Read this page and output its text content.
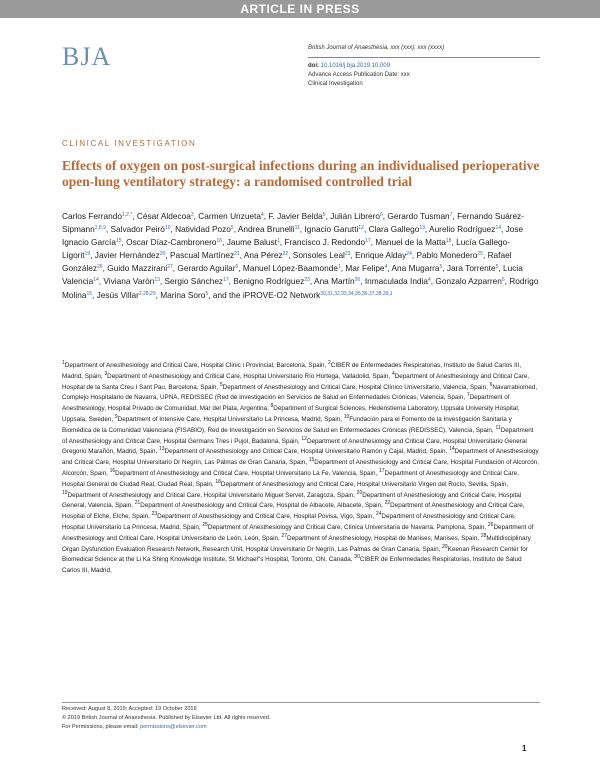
ARTICLE IN PRESS
BJA	British Journal of Anaesthesia, xxx (xxx): xxx (xxxx)
doi: 10.1016/j.bja.2019.10.009
Advance Access Publication Date: xxx
Clinical Investigation
CLINICAL INVESTIGATION
Effects of oxygen on post-surgical infections during an individualised perioperative open-lung ventilatory strategy: a randomised controlled trial
Carlos Ferrando$^{1,2,*}$, César Aldecoa$^3$, Carmen Unzueta$^4$, F. Javier Belda$^5$, Julián Librero$^6$, Gerardo Tusman$^7$, Fernando Suárez-Sipmann$^{2,8,9}$, Salvador Peiró$^{10}$, Natividad Pozo$^5$, Andrea Brunelli$^{11}$, Ignacio Garutti$^{12}$, Clara Gallego$^{13}$, Aurelio Rodríguez$^{14}$, Jose Ignacio García$^{15}$, Oscar Díaz-Cambronero$^{16}$, Jaume Balust$^1$, Francisco J. Redondo$^{17}$, Manuel de la Matta$^{18}$, Lucía Gallego-Ligorit$^{19}$, Javier Hernández$^{20}$, Pascual Martínez$^{21}$, Ana Pérez$^{22}$, Sonsoles Leal$^{23}$, Enrique Alday$^{24}$, Pablo Monedero$^{25}$, Rafael González$^{26}$, Guido Mazzirani$^{27}$, Gerardo Aguilar$^5$, Manuel López-Baamonde$^1$, Mar Felipe$^4$, Ana Mugarra$^5$, Jara Torrente$^5$, Lucia Valencia$^{14}$, Viviana Varón$^{13}$, Sergio Sánchez$^{17}$, Benigno Rodríguez$^{23}$, Ana Martín$^{26}$, Inmaculada India$^4$, Gonzalo Azparren$^6$, Rodrigo Molina$^{15}$, Jesús Villar$^{2,28,29}$, Marina Soro$^5$, and the iPROVE-O2 Network$^{30,31,32,33,34,35,36,37,38,39,1}$
$^1$Department of Anesthesiology and Critical Care, Hospital Clinic i Provincial, Barcelona, Spain, $^2$CIBER de Enfermedades Respiratorias, Instituto de Salud Carlos III, Madrid, Spain, $^3$Department of Anesthesiology and Critical Care, Hospital Universitario Río Hortega, Valladolid, Spain, $^4$Department of Anesthesiology and Critical Care, Hospital de la Santa Creu I Sant Pau, Barcelona, Spain, $^5$Department of Anesthesiology and Critical Care, Hospital Clínico Universitario, Valencia, Spain, $^6$Navarrabiomed, Complejo Hospitalario de Navarra, UPNA, REDISSEC (Red de Investigación en Servicios de Salud en Enfermedades Crónicas, Valencia, Spain, $^7$Department of Anesthesiology, Hospital Privado de Comunidad, Mar del Plata, Argentina, $^8$Department of Surgical Sciences, Hedenstierna Laboratory, Uppsala University Hospital, Uppsala, Sweden, $^9$Department of Intensive Care, Hospital Universitario La Princesa, Madrid, Spain, $^{10}$Fundación para el Fomento de la Investigación Sanitaria y Biomédica de la Comunidad Valenciana (FISABIO), Red de Investigación en Servicios de Salud en Enfermedades Crónicas (REDISSEC), Valencia, Spain, $^{11}$Department of Anesthesiology and Critical Care, Hospital Germans Tries i Pujol, Badalona, Spain, $^{12}$Department of Anesthesiology and Critical Care, Hospital Universitario General Gregorio Marañón, Madrid, Spain, $^{13}$Department of Anesthesiology and Critical Care, Hospital Universitario Ramón y Cajal, Madrid, Spain, $^{14}$Department of Anesthesiology and Critical Care, Hospital Universitario Dr Negrín, Las Palmas de Gran Canaria, Spain, $^{15}$Department of Anesthesiology and Critical Care, Hospital Fundación of Alcorcón, Alcorcón, Spain, $^{16}$Department of Anesthesiology and Critical Care, Hospital Universitario La Fe, Valencia, Spain, $^{17}$Department of Anesthesiology and Critical Care, Hospital General de Ciudad Real, Ciudad Real, Spain, $^{18}$Department of Anesthesiology and Critical Care, Hospital Universitario Virgen del Rocío, Sevilla, Spain, $^{19}$Department of Anesthesiology and Critical Care, Hospital Universitario Miguel Servet, Zaragoza, Spain, $^{20}$Department of Anesthesiology and Critical Care, Hospital General, Valencia, Spain, $^{21}$Department of Anesthesiology and Critical Care, Hospital de Albacete, Albacete, Spain, $^{22}$Department of Anesthesiology and Critical Care, Hospital of Elche, Elche, Spain, $^{23}$Department of Anesthesiology and Critical Care, Hospital Povisa, Vigo, Spain, $^{24}$Department of Anesthesiology and Critical Care, Hospital Universitario La Princesa, Madrid, Spain, $^{25}$Department of Anesthesiology and Critical Care, Clínica Universitaria de Navarra, Pamplona, Spain, $^{26}$Department of Anesthesiology and Critical Care, Hospital Universitario de León, León, Spain, $^{27}$Department of Anesthesiology, Hospital de Manises, Manises, Spain, $^{28}$Multidisciplinary Organ Dysfunction Evaluation Research Network, Research Unit, Hospital Universitario Dr Negrín, Las Palmas de Gran Canaria, Spain, $^{29}$Keenan Research Center for Biomedical Science at the Li Ka Shing Knowledge Institute, St Michael"s Hospital, Toronto, ON, Canada, $^{30}$CIBER de Enfermedades Respiratorias, Instituto de Salud Carlos III, Madrid,
Received: August 8, 2019; Accepted: 19 October 2019
© 2019 British Journal of Anaesthesia. Published by Elsevier Ltd. All rights reserved.
For Permissions, please email: permissions@elsevier.com
1
